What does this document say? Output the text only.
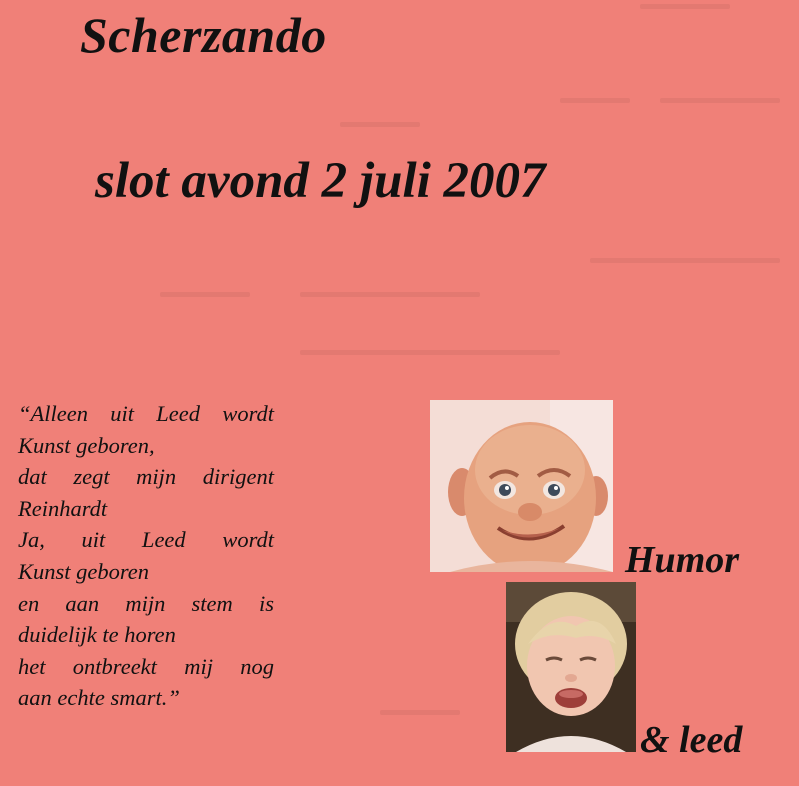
Scherzando
slot avond 2 juli 2007
“Alleen uit Leed wordt
Kunst geboren,
dat zegt mijn dirigent
Reinhardt
Ja, uit Leed wordt
Kunst geboren
en aan mijn stem is
duidelijk te horen
het ontbreekt mij nog
aan echte smart.”
Humor
& leed
